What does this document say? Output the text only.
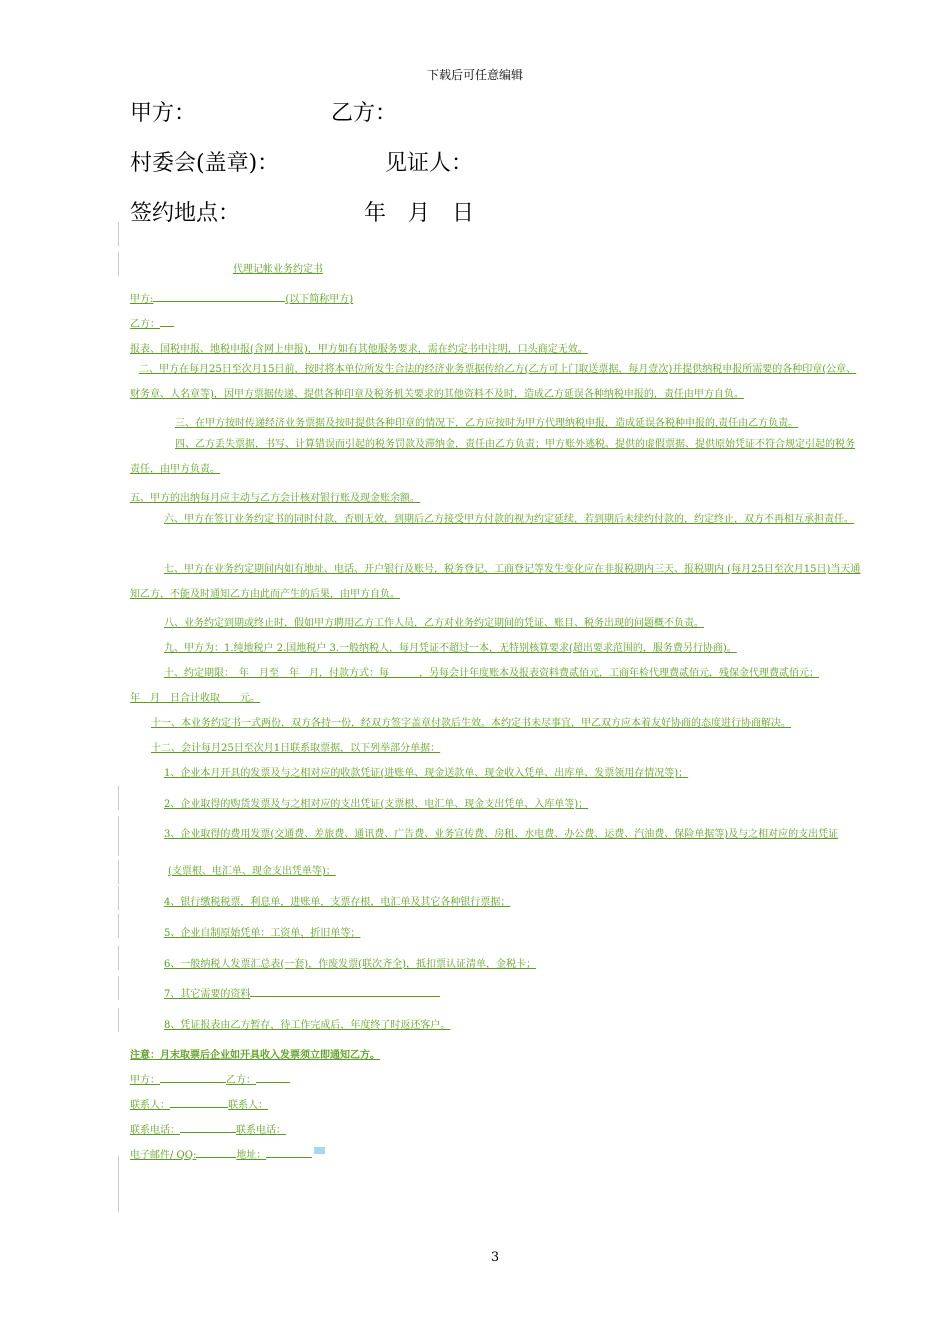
下载后可任意编辑
甲方：	乙方：
村委会(盖章)：	见证人：
签约地点：	年　月　日
代理记帐业务约定书
甲方:	(以下简称甲方)
乙方：
报表、国税申报、地税申报(含网上申报)，甲方如有其他服务要求，需在约定书中注明，口头商定无效。
二、甲方在每月25日至次月15日前，按时将本单位所发生合法的经济业务票据传给乙方(乙方可上门取送票据，每月壹次)并提供纳税申报所需要的各种印章(公章、财务章、人名章等)，因甲方票据传递、提供各种印章及税务机关要求的其他资料不及时，造成乙方延误各种纳税申报的，责任由甲方自负。
三、在甲方按时传递经济业务票据及按时提供各种印章的情况下，乙方应按时为甲方代理纳税申报，造成延误各税种申报的,责任由乙方负责。
四、乙方丢失票据，书写、计算错误而引起的税务罚款及滞纳金，责任由乙方负责；甲方账外逃税、提供的虚假票据、提供原始凭证不符合规定引起的税务责任，由甲方负责。
五、甲方的出纳每月应主动与乙方会计核对银行账及现金账余额。
六、甲方在签订业务约定书的同时付款，否则无效，到期后乙方接受甲方付款的视为约定延续，若到期后未续约付款的，约定终止，双方不再相互承担责任。
七、甲方在业务约定期间内如有地址、电话、开户银行及账号，税务登记、工商登记等发生变化应在非报税期内三天、报税期内 (每月25日至次月15日)当天通知乙方，不能及时通知乙方由此而产生的后果，由甲方自负。
八、业务约定到期或终止时，假如甲方聘用乙方工作人员，乙方对业务约定期间的凭证、账目、税务出现的问题概不负责。
九、甲方为：1.纯地税户 2.国地税户 3.一般纳税人，每月凭证不超过一本，无特别核算要求(超出要求范围的，服务费另行协商)。
十、约定期限：　年　月至　年　月，付款方式：每　　　，另每会计年度账本及报表资料费贰佰元，工商年检代理费贰佰元，残保金代理费贰佰元；
年　月　日合计收取　　元。
十一、本业务约定书一式两份，双方各持一份，经双方签字盖章付款后生效。本约定书未尽事宜，甲乙双方应本着友好协商的态度进行协商解决。
十二、会计每月25日至次月1日联系取票据，以下列举部分单据：
1、企业本月开具的发票及与之相对应的收款凭证(进账单、现金送款单、现金收入凭单、出库单、发票领用存情况等)；
2、企业取得的购货发票及与之相对应的支出凭证(支票根、电汇单、现金支出凭单、入库单等)；
3、企业取得的费用发票(交通费、差旅费、通讯费、广告费、业务宣传费、房租、水电费、办公费、运费、汽油费、保险单据等)及与之相对应的支出凭证
(支票根、电汇单、现金支出凭单等)；
4、银行缴税税票，利息单，进账单，支票存根，电汇单及其它各种银行票据；
5、企业自制原始凭单：工资单，折旧单等；
6、一般纳税人发票汇总表(一套)，作废发票(联次齐全)，抵扣票认证清单，金税卡；
7、其它需要的资料
8、凭证报表由乙方暂存，待工作完成后，年度终了时返还客户。
注意：月末取票后企业如开具收入发票须立即通知乙方。
甲方：	乙方：
联系人：	联系人：
联系电话：	联系电话：
电子邮件/ QQ:	地址：
3
